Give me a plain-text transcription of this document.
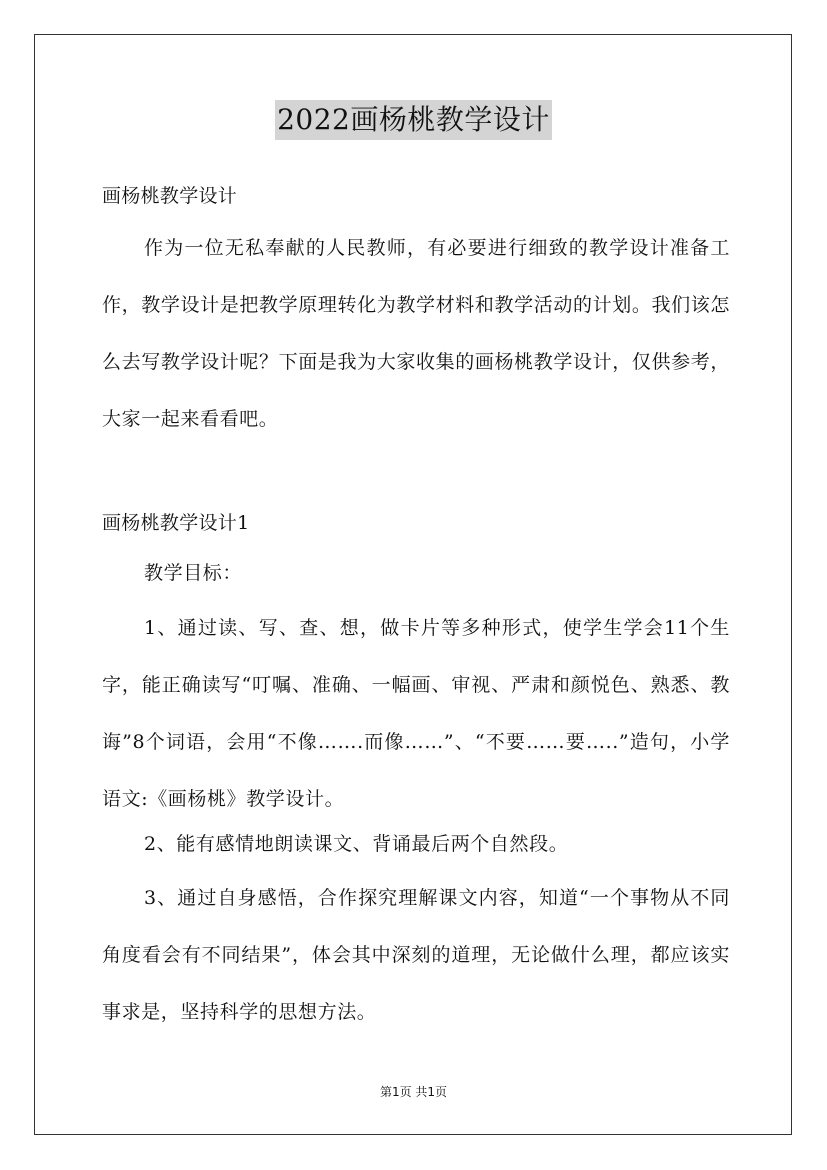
2022画杨桃教学设计
画杨桃教学设计

作为一位无私奉献的人民教师，有必要进行细致的教学设计准备工作，教学设计是把教学原理转化为教学材料和教学活动的计划。我们该怎么去写教学设计呢？下面是我为大家收集的画杨桃教学设计，仅供参考，大家一起来看看吧。

画杨桃教学设计1

教学目标：

1、通过读、写、查、想，做卡片等多种形式，使学生学会11个生字，能正确读写“叮嘱、准确、一幅画、审视、严肃和颜悦色、熟悉、教诲”8个词语，会用“不像…….而像……”、“不要……要…..”造句，小学语文:《画杨桃》教学设计。

2、能有感情地朗读课文、背诵最后两个自然段。

3、通过自身感悟，合作探究理解课文内容，知道“一个事物从不同角度看会有不同结果”，体会其中深刻的道理，无论做什么理，都应该实事求是，坚持科学的思想方法。

第1页 共1页
